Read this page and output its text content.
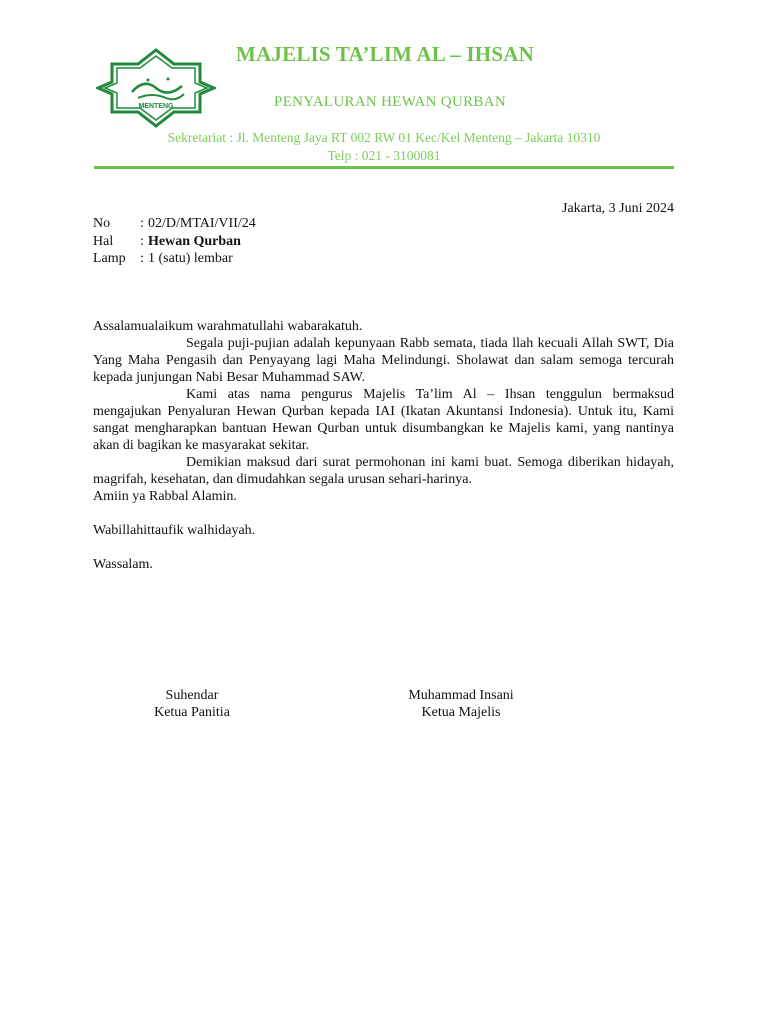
MENTENG
MAJELIS TA’LIM AL – IHSAN
PENYALURAN HEWAN QURBAN
Sekretariat : Jl. Menteng Jaya RT 002 RW 01 Kec/Kel Menteng – Jakarta 10310
Telp : 021 - 3100081
Jakarta, 3 Juni 2024
No : 02/D/MTAI/VII/24
Hal : Hewan Qurban
Lamp : 1 (satu) lembar

Assalamualaikum warahmatullahi wabarakatuh.

Segala puji-pujian adalah kepunyaan Rabb semata, tiada llah kecuali Allah SWT, Dia Yang Maha Pengasih dan Penyayang lagi Maha Melindungi. Sholawat dan salam semoga tercurah kepada junjungan Nabi Besar Muhammad SAW.

Kami atas nama pengurus Majelis Ta’lim Al – Ihsan tenggulun bermaksud mengajukan Penyaluran Hewan Qurban kepada IAI (Ikatan Akuntansi Indonesia). Untuk itu, Kami sangat mengharapkan bantuan Hewan Qurban untuk disumbangkan ke Majelis kami, yang nantinya akan di bagikan ke masyarakat sekitar.

Demikian maksud dari surat permohonan ini kami buat. Semoga diberikan hidayah, magrifah, kesehatan, dan dimudahkan segala urusan sehari-harinya.

Amiin ya Rabbal Alamin.

Wabillahittaufik walhidayah.

Wassalam.

Suhendar
Ketua Panitia
Muhammad Insani
Ketua Majelis
